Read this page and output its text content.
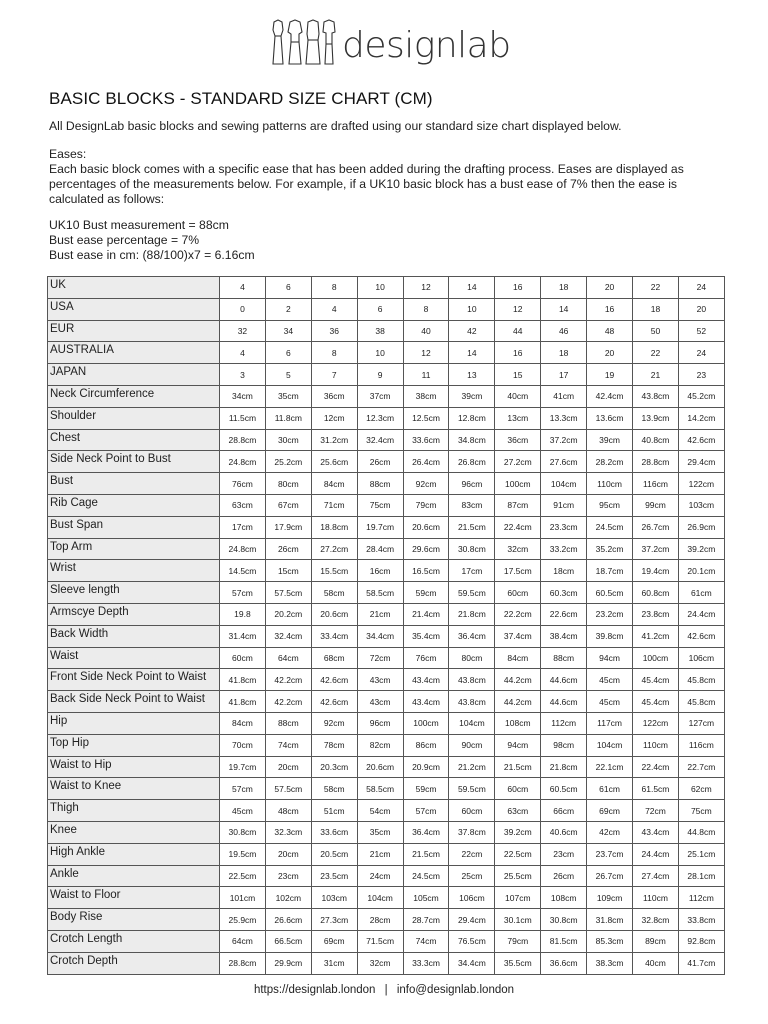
designlab
BASIC BLOCKS - STANDARD SIZE CHART (CM)

All DesignLab basic blocks and sewing patterns are drafted using our standard size chart displayed below.

Eases:

Each basic block comes with a specific ease that has been added during the drafting process. Eases are displayed as percentages of the measurements below. For example, if a UK10 basic block has a bust ease of 7% then the ease is calculated as follows:

UK10 Bust measurement = 88cm

Bust ease percentage = 7%

Bust ease in cm: (88/100)x7 = 6.16cm

UK	4	6	8	10	12	14	16	18	20	22	24
USA	0	2	4	6	8	10	12	14	16	18	20
EUR	32	34	36	38	40	42	44	46	48	50	52
AUSTRALIA	4	6	8	10	12	14	16	18	20	22	24
JAPAN	3	5	7	9	11	13	15	17	19	21	23
Neck Circumference	34cm	35cm	36cm	37cm	38cm	39cm	40cm	41cm	42.4cm	43.8cm	45.2cm
Shoulder	11.5cm	11.8cm	12cm	12.3cm	12.5cm	12.8cm	13cm	13.3cm	13.6cm	13.9cm	14.2cm
Chest	28.8cm	30cm	31.2cm	32.4cm	33.6cm	34.8cm	36cm	37.2cm	39cm	40.8cm	42.6cm
Side Neck Point to Bust	24.8cm	25.2cm	25.6cm	26cm	26.4cm	26.8cm	27.2cm	27.6cm	28.2cm	28.8cm	29.4cm
Bust	76cm	80cm	84cm	88cm	92cm	96cm	100cm	104cm	110cm	116cm	122cm
Rib Cage	63cm	67cm	71cm	75cm	79cm	83cm	87cm	91cm	95cm	99cm	103cm
Bust Span	17cm	17.9cm	18.8cm	19.7cm	20.6cm	21.5cm	22.4cm	23.3cm	24.5cm	26.7cm	26.9cm
Top Arm	24.8cm	26cm	27.2cm	28.4cm	29.6cm	30.8cm	32cm	33.2cm	35.2cm	37.2cm	39.2cm
Wrist	14.5cm	15cm	15.5cm	16cm	16.5cm	17cm	17.5cm	18cm	18.7cm	19.4cm	20.1cm
Sleeve length	57cm	57.5cm	58cm	58.5cm	59cm	59.5cm	60cm	60.3cm	60.5cm	60.8cm	61cm
Armscye Depth	19.8	20.2cm	20.6cm	21cm	21.4cm	21.8cm	22.2cm	22.6cm	23.2cm	23.8cm	24.4cm
Back Width	31.4cm	32.4cm	33.4cm	34.4cm	35.4cm	36.4cm	37.4cm	38.4cm	39.8cm	41.2cm	42.6cm
Waist	60cm	64cm	68cm	72cm	76cm	80cm	84cm	88cm	94cm	100cm	106cm
Front Side Neck Point to Waist	41.8cm	42.2cm	42.6cm	43cm	43.4cm	43.8cm	44.2cm	44.6cm	45cm	45.4cm	45.8cm
Back Side Neck Point to Waist	41.8cm	42.2cm	42.6cm	43cm	43.4cm	43.8cm	44.2cm	44.6cm	45cm	45.4cm	45.8cm
Hip	84cm	88cm	92cm	96cm	100cm	104cm	108cm	112cm	117cm	122cm	127cm
Top Hip	70cm	74cm	78cm	82cm	86cm	90cm	94cm	98cm	104cm	110cm	116cm
Waist to Hip	19.7cm	20cm	20.3cm	20.6cm	20.9cm	21.2cm	21.5cm	21.8cm	22.1cm	22.4cm	22.7cm
Waist to Knee	57cm	57.5cm	58cm	58.5cm	59cm	59.5cm	60cm	60.5cm	61cm	61.5cm	62cm
Thigh	45cm	48cm	51cm	54cm	57cm	60cm	63cm	66cm	69cm	72cm	75cm
Knee	30.8cm	32.3cm	33.6cm	35cm	36.4cm	37.8cm	39.2cm	40.6cm	42cm	43.4cm	44.8cm
High Ankle	19.5cm	20cm	20.5cm	21cm	21.5cm	22cm	22.5cm	23cm	23.7cm	24.4cm	25.1cm
Ankle	22.5cm	23cm	23.5cm	24cm	24.5cm	25cm	25.5cm	26cm	26.7cm	27.4cm	28.1cm
Waist to Floor	101cm	102cm	103cm	104cm	105cm	106cm	107cm	108cm	109cm	110cm	112cm
Body Rise	25.9cm	26.6cm	27.3cm	28cm	28.7cm	29.4cm	30.1cm	30.8cm	31.8cm	32.8cm	33.8cm
Crotch Length	64cm	66.5cm	69cm	71.5cm	74cm	76.5cm	79cm	81.5cm	85.3cm	89cm	92.8cm
Crotch Depth	28.8cm	29.9cm	31cm	32cm	33.3cm	34.4cm	35.5cm	36.6cm	38.3cm	40cm	41.7cm
https://designlab.london | info@designlab.london
